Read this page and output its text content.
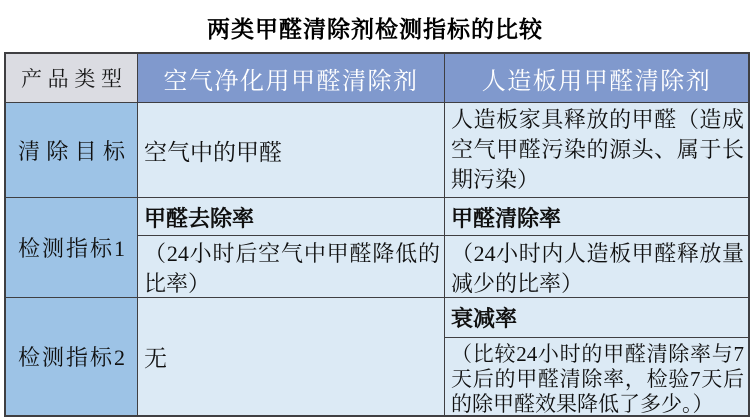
两类甲醛清除剂检测指标的比较
产品类型 空气净化用甲醛清除剂	人造板用甲醛清除剂
清除目标 空气中的甲醛
人造板家具释放的甲醛（造成空气甲醛污染的源头、属于长期污染）
检测指标1
甲醛去除率
（24小时后空气中甲醛降低的比率）
甲醛清除率
（24小时内人造板甲醛释放量减少的比率）
检测指标2 无
衰减率
（比较24小时的甲醛清除率与7天后的甲醛清除率，检验7天后的除甲醛效果降低了多少。）
